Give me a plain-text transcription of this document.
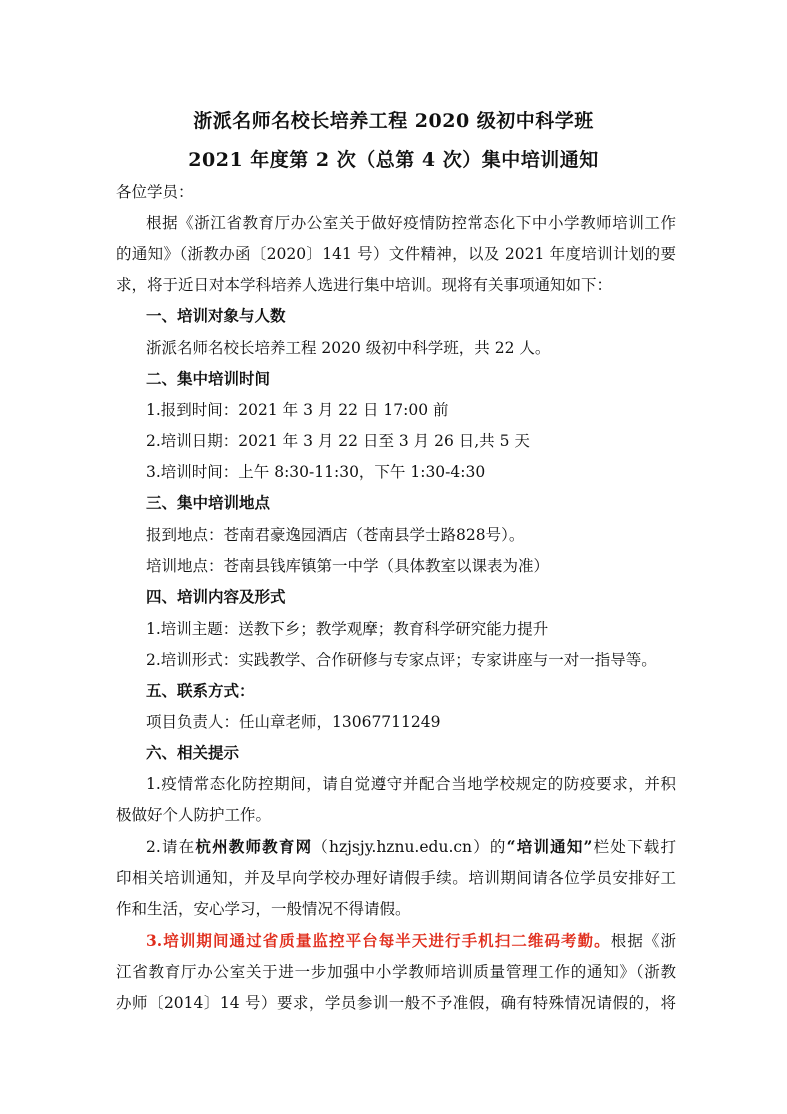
浙派名师名校长培养工程 2020 级初中科学班
2021 年度第 2 次（总第 4 次）集中培训通知
各位学员：
根据《浙江省教育厅办公室关于做好疫情防控常态化下中小学教师培训工作
的通知》（浙教办函〔2020〕141 号）文件精神，以及 2021 年度培训计划的要
求，将于近日对本学科培养人选进行集中培训。现将有关事项通知如下：
一、培训对象与人数
浙派名师名校长培养工程 2020 级初中科学班，共 22 人。
二、集中培训时间
1.报到时间：2021 年 3 月 22 日 17:00 前
2.培训日期：2021 年 3 月 22 日至 3 月 26 日,共 5 天
3.培训时间：上午 8:30-11:30，下午 1:30-4:30
三、集中培训地点
报到地点：苍南君豪逸园酒店（苍南县学士路828号）。
培训地点：苍南县钱库镇第一中学（具体教室以课表为准）
四、培训内容及形式
1.培训主题：送教下乡；教学观摩；教育科学研究能力提升
2.培训形式：实践教学、合作研修与专家点评；专家讲座与一对一指导等。
五、联系方式：
项目负责人：任山章老师，13067711249
六、相关提示
1.疫情常态化防控期间，请自觉遵守并配合当地学校规定的防疫要求，并积
极做好个人防护工作。
2.请在杭州教师教育网（hzjsjy.hznu.edu.cn）的“培训通知”栏处下载打
印相关培训通知，并及早向学校办理好请假手续。培训期间请各位学员安排好工
作和生活，安心学习，一般情况不得请假。
3.培训期间通过省质量监控平台每半天进行手机扫二维码考勤。根据《浙
江省教育厅办公室关于进一步加强中小学教师培训质量管理工作的通知》（浙教
办师〔2014〕14 号）要求，学员参训一般不予准假，确有特殊情况请假的，将
